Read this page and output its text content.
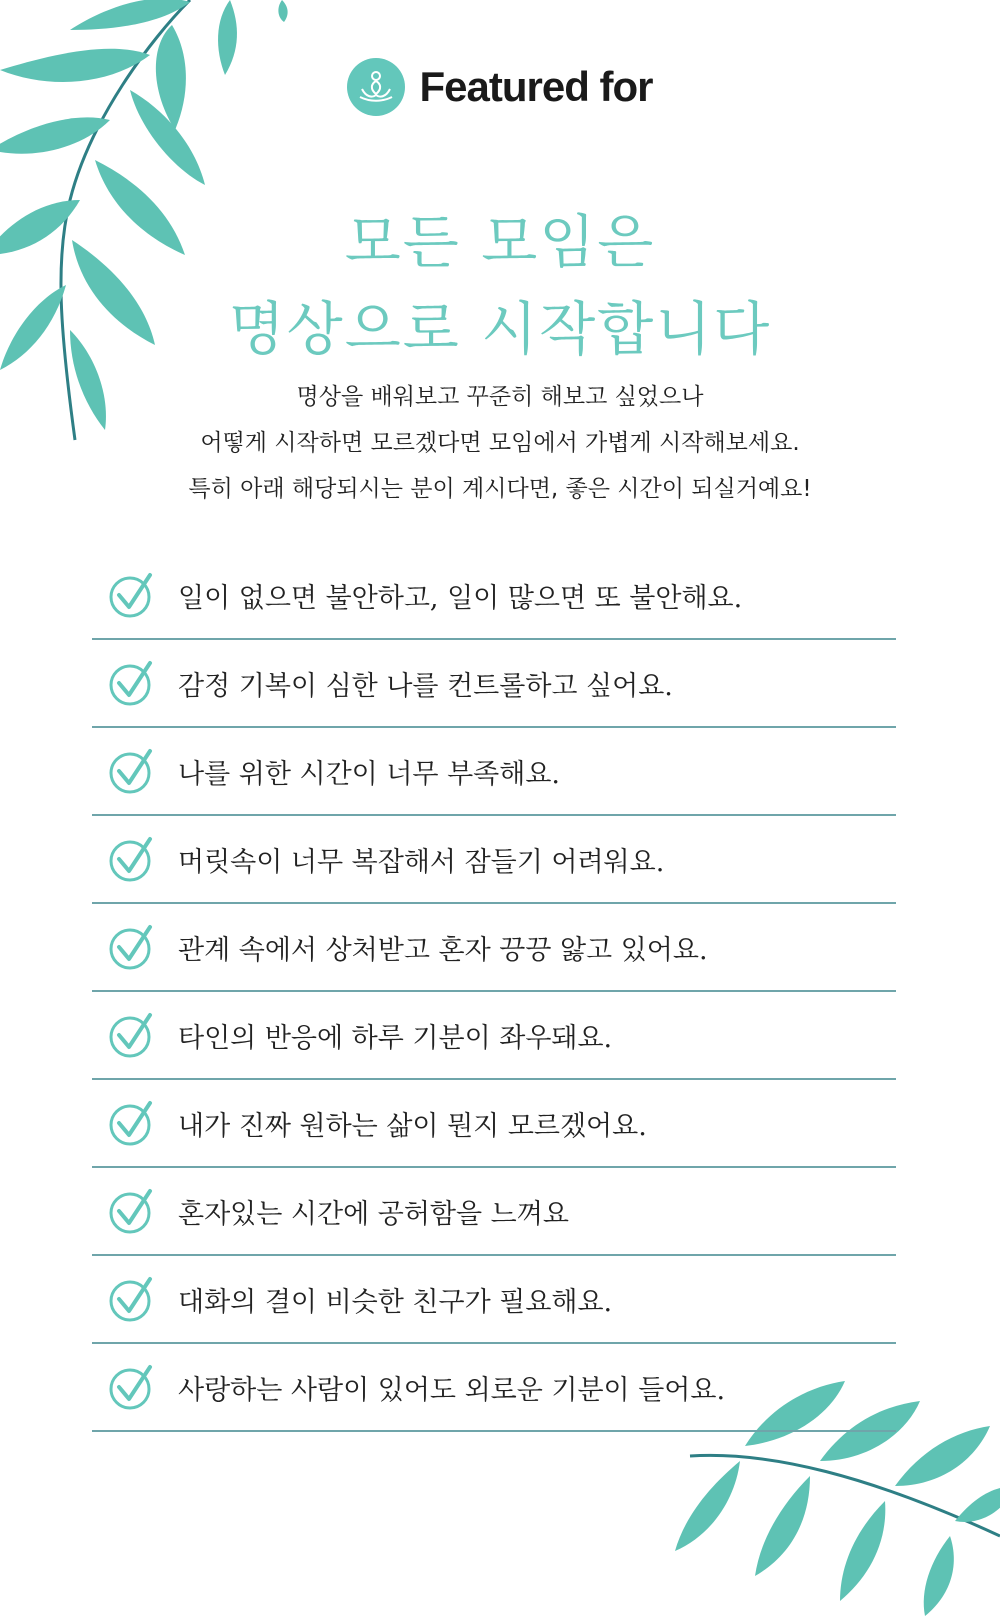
Featured for
모든 모임은
명상으로 시작합니다
명상을 배워보고 꾸준히 해보고 싶었으나
어떻게 시작하면 모르겠다면 모임에서 가볍게 시작해보세요.
특히 아래 해당되시는 분이 계시다면, 좋은 시간이 되실거예요!
일이 없으면 불안하고, 일이 많으면 또 불안해요.
감정 기복이 심한 나를 컨트롤하고 싶어요.
나를 위한 시간이 너무 부족해요.
머릿속이 너무 복잡해서 잠들기 어려워요.
관계 속에서 상처받고 혼자 끙끙 앓고 있어요.
타인의 반응에 하루 기분이 좌우돼요.
내가 진짜 원하는 삶이 뭔지 모르겠어요.
혼자있는 시간에 공허함을 느껴요
대화의 결이 비슷한 친구가 필요해요.
사랑하는 사람이 있어도 외로운 기분이 들어요.
